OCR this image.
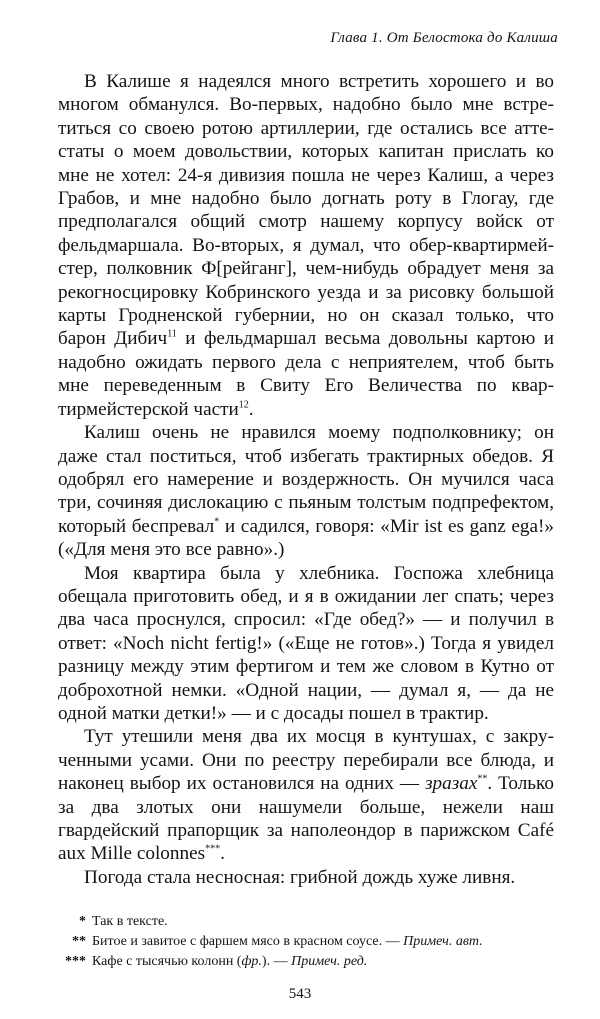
Глава 1. От Белостока до Калиша

В Калише я надеялся много встретить хорошего и во многом обманулся. Во-первых, надобно было мне встретиться со своею ротою артиллерии, где остались все аттестаты о моем довольствии, которых капитан прислать ко мне не хотел: 24-я дивизия пошла не через Калиш, а через Грабов, и мне надобно было догнать роту в Глогау, где предполагался общий смотр нашему корпусу войск от фельдмаршала. Во-вторых, я думал, что обер-квартирмейстер, полковник Ф[рейганг], чем-нибудь обрадует меня за рекогносцировку Кобринского уезда и за рисовку большой карты Гродненской губернии, но он сказал только, что барон Дибич$^{11}$ и фельдмаршал весьма довольны картою и надобно ожидать первого дела с неприятелем, чтоб быть мне переведенным в Свиту Его Величества по квартирмейстерской части$^{12}$.

Калиш очень не нравился моему подполковнику; он даже стал поститься, чтоб избегать трактирных обедов. Я одобрял его намерение и воздержность. Он мучился часа три, сочиняя дислокацию с пьяным толстым подпрефектом, который беспревал* и садился, говоря: «Mir ist es ganz ega!» («Для меня это все равно».)

Моя квартира была у хлебника. Госпожа хлебница обещала приготовить обед, и я в ожидании лег спать; через два часа проснулся, спросил: «Где обед?» — и получил в ответ: «Noch nicht fertig!» («Еще не готов».) Тогда я увидел разницу между этим фертигом и тем же словом в Кутно от доброхотной немки. «Одной нации, — думал я, — да не одной матки детки!» — и с досады пошел в трактир.

Тут утешили меня два их мосця в кунтушах, с закрученными усами. Они по реестру перебирали все блюда, и наконец выбор их остановился на одних — зразах**. Только за два злотых они нашумели больше, нежели наш гвардейский прапорщик за наполеондор в парижском Café aux Mille colonnes***.

Погода стала несносная: грибной дождь хуже ливня.

* Так в тексте.
** Битое и завитое с фаршем мясо в красном соусе. — Примеч. авт.
*** Кафе с тысячью колонн (фр.). — Примеч. ред.
543
